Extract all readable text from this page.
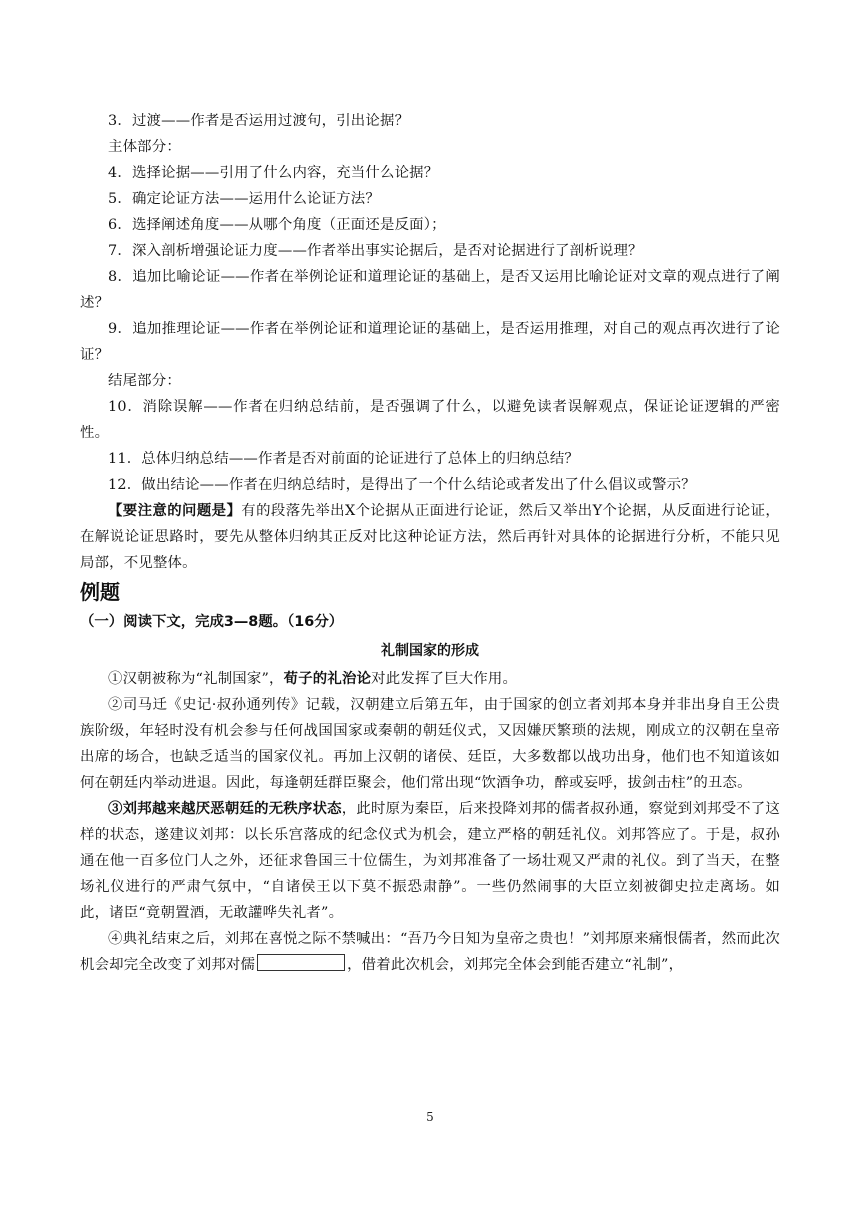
3．过渡——作者是否运用过渡句，引出论据？

主体部分：

4．选择论据——引用了什么内容，充当什么论据？

5．确定论证方法——运用什么论证方法？

6．选择阐述角度——从哪个角度（正面还是反面）；

7．深入剖析增强论证力度——作者举出事实论据后，是否对论据进行了剖析说理？

8．追加比喻论证——作者在举例论证和道理论证的基础上，是否又运用比喻论证对文章的观点进行了阐述？

9．追加推理论证——作者在举例论证和道理论证的基础上，是否运用推理，对自己的观点再次进行了论证？

结尾部分：

10．消除误解——作者在归纳总结前，是否强调了什么，以避免读者误解观点，保证论证逻辑的严密性。

11．总体归纳总结——作者是否对前面的论证进行了总体上的归纳总结？

12．做出结论——作者在归纳总结时，是得出了一个什么结论或者发出了什么倡议或警示？

【要注意的问题是】有的段落先举出X个论据从正面进行论证，然后又举出Y个论据，从反面进行论证，在解说论证思路时，要先从整体归纳其正反对比这种论证方法，然后再针对具体的论据进行分析，不能只见局部，不见整体。

例题
（一）阅读下文，完成3—8题。（16分）
礼制国家的形成

①汉朝被称为“礼制国家”，荀子的礼治论对此发挥了巨大作用。

②司马迁《史记·叔孙通列传》记载，汉朝建立后第五年，由于国家的创立者刘邦本身并非出身自王公贵族阶级，年轻时没有机会参与任何战国国家或秦朝的朝廷仪式，又因嫌厌繁琐的法规，刚成立的汉朝在皇帝出席的场合，也缺乏适当的国家仪礼。再加上汉朝的诸侯、廷臣，大多数都以战功出身，他们也不知道该如何在朝廷内举动进退。因此，每逢朝廷群臣聚会，他们常出现“饮酒争功，醉或妄呼，拔剑击柱”的丑态。

③刘邦越来越厌恶朝廷的无秩序状态，此时原为秦臣，后来投降刘邦的儒者叔孙通，察觉到刘邦受不了这样的状态，遂建议刘邦：以长乐宫落成的纪念仪式为机会，建立严格的朝廷礼仪。刘邦答应了。于是，叔孙通在他一百多位门人之外，还征求鲁国三十位儒生，为刘邦准备了一场壮观又严肃的礼仪。到了当天，在整场礼仪进行的严肃气氛中，“自诸侯王以下莫不振恐肃静”。一些仍然闹事的大臣立刻被御史拉走离场。如此，诸臣“竟朝置酒，无敢讙哗失礼者”。

④典礼结束之后，刘邦在喜悦之际不禁喊出：“吾乃今日知为皇帝之贵也！”刘邦原来痛恨儒者，然而此次机会却完全改变了刘邦对儒	，借着此次机会，刘邦完全体会到能否建立“礼制”，

5
